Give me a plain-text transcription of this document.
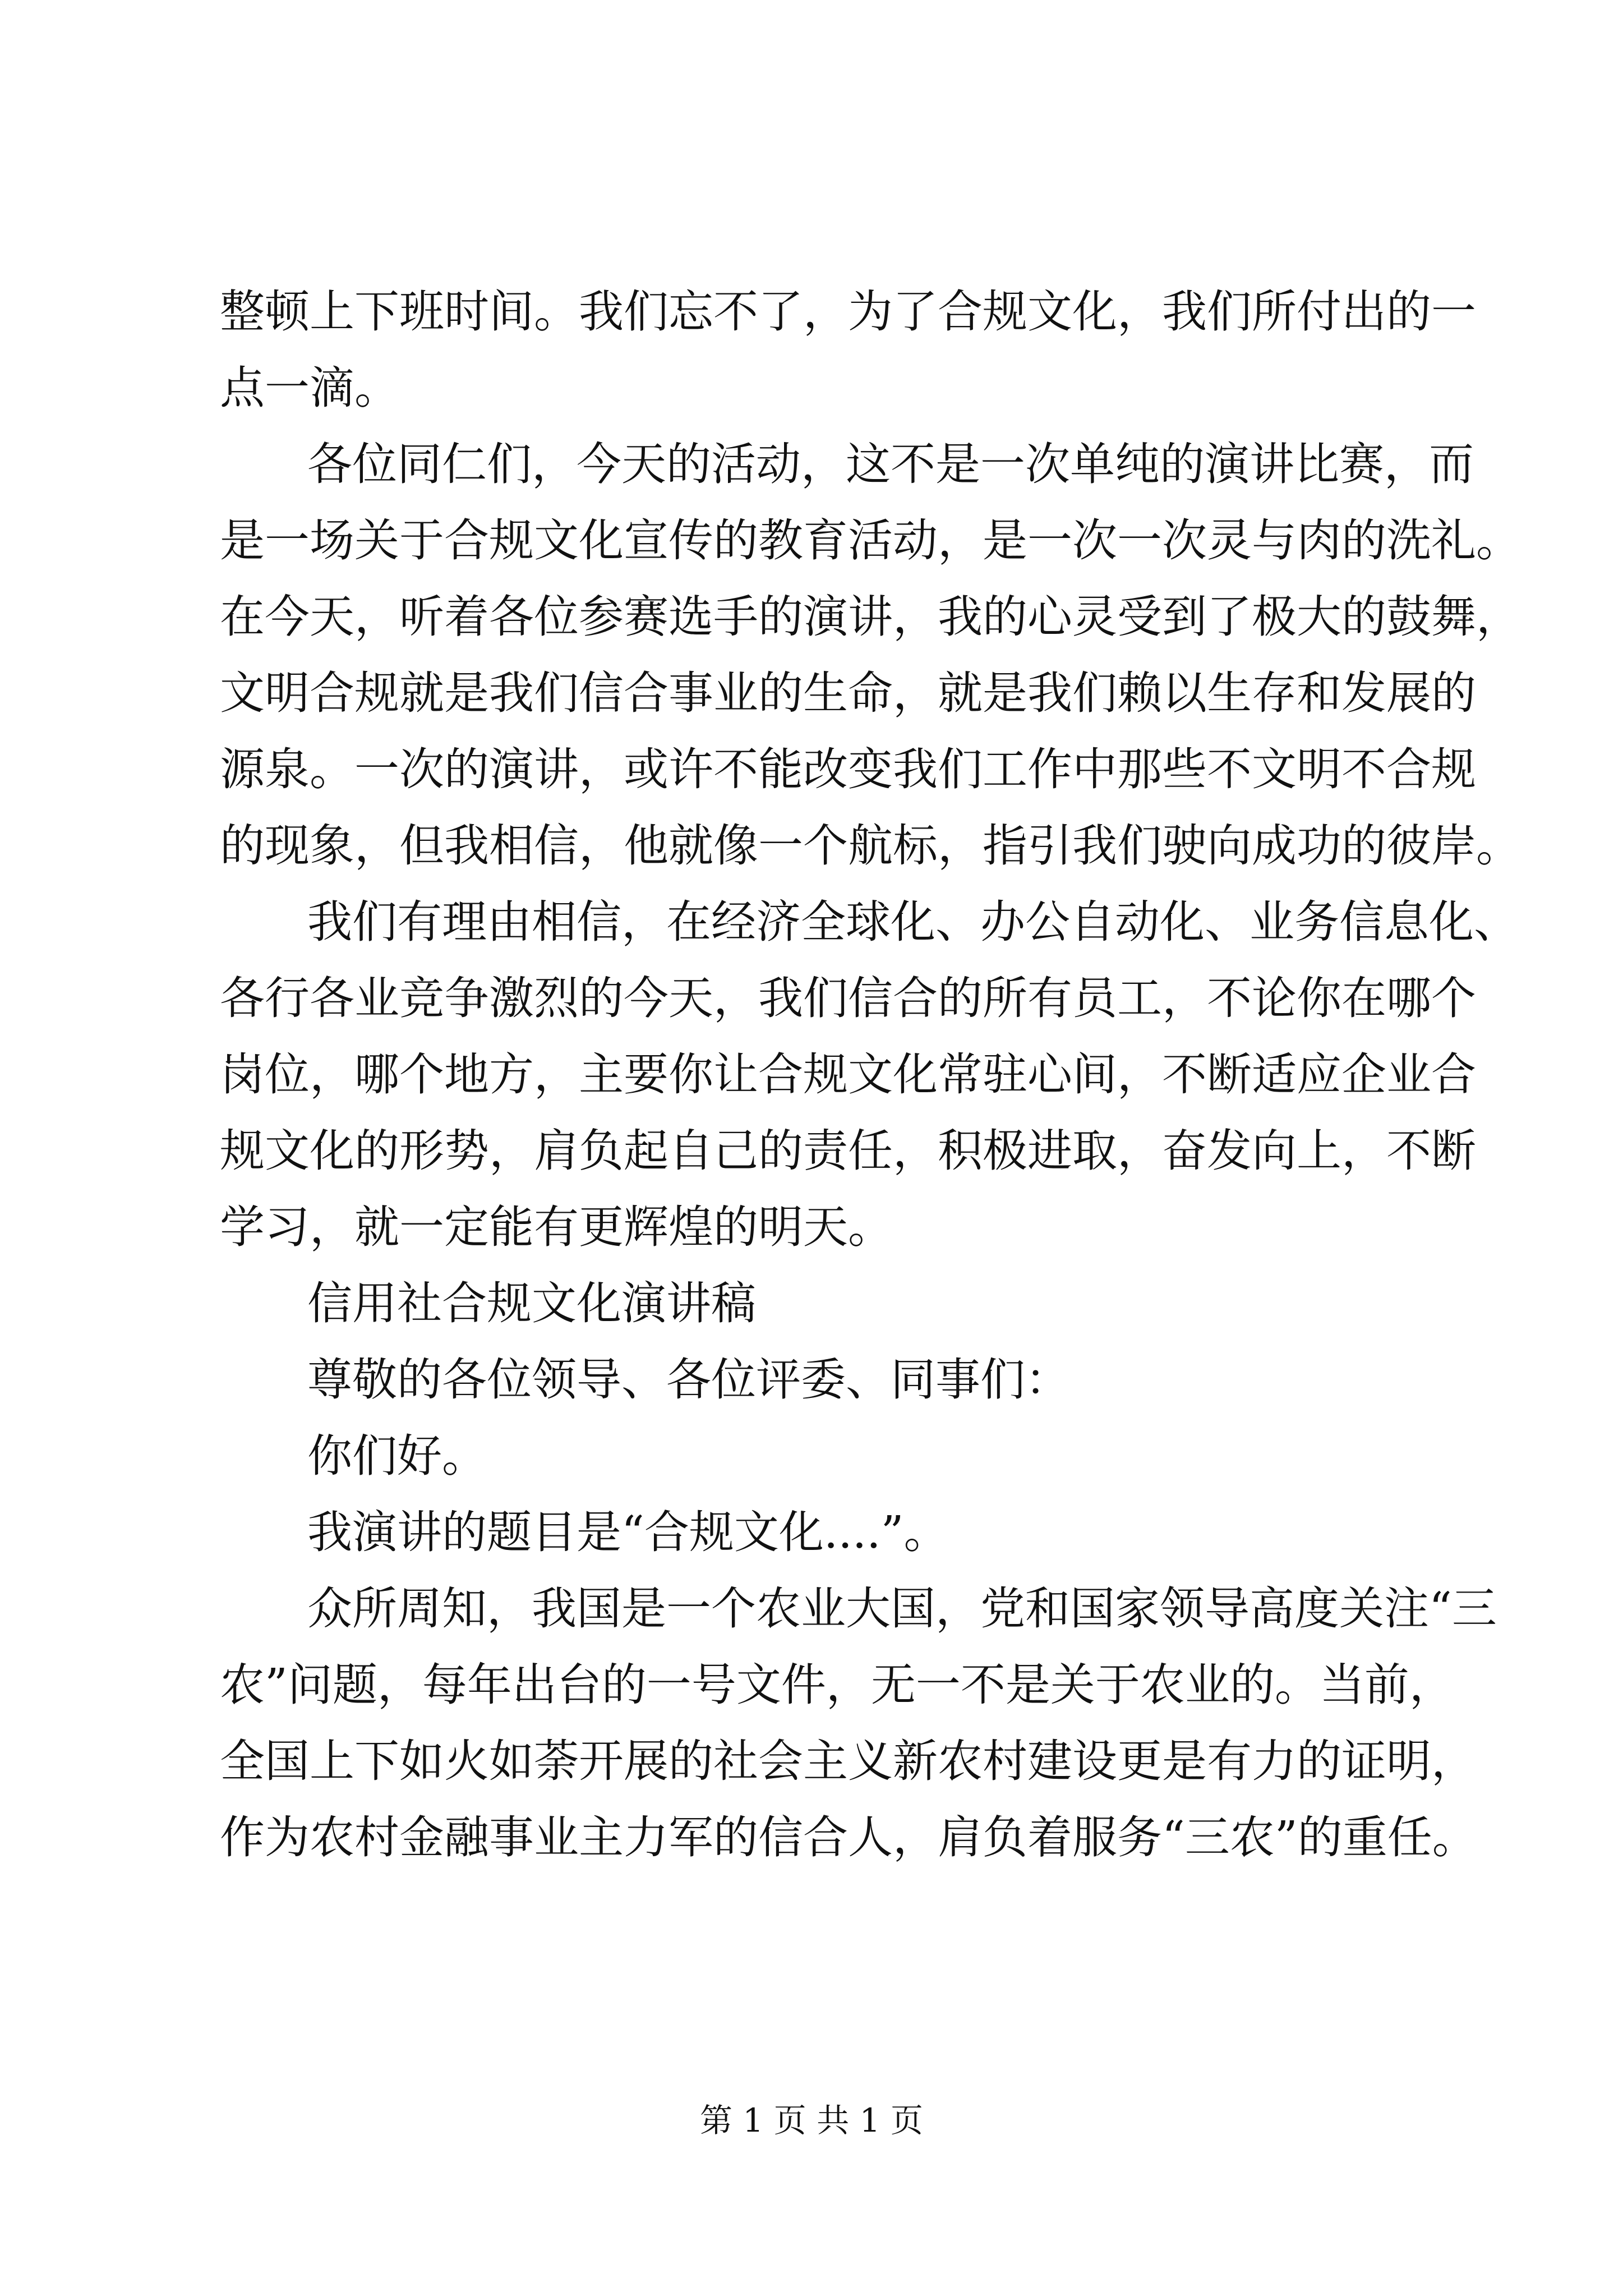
整顿上下班时间。我们忘不了，为了合规文化，我们所付出的一
点一滴。
各位同仁们，今天的活动，这不是一次单纯的演讲比赛，而
是一场关于合规文化宣传的教育活动，是一次一次灵与肉的洗礼。
在今天，听着各位参赛选手的演讲，我的心灵受到了极大的鼓舞，
文明合规就是我们信合事业的生命，就是我们赖以生存和发展的
源泉。一次的演讲，或许不能改变我们工作中那些不文明不合规
的现象，但我相信，他就像一个航标，指引我们驶向成功的彼岸。
我们有理由相信，在经济全球化、办公自动化、业务信息化、
各行各业竞争激烈的今天，我们信合的所有员工，不论你在哪个
岗位，哪个地方，主要你让合规文化常驻心间，不断适应企业合
规文化的形势，肩负起自己的责任，积极进取，奋发向上，不断
学习，就一定能有更辉煌的明天。
信用社合规文化演讲稿
尊敬的各位领导、各位评委、同事们：
你们好。
我演讲的题目是“合规文化....”。
众所周知，我国是一个农业大国，党和国家领导高度关注“三
农”问题，每年出台的一号文件，无一不是关于农业的。当前，
全国上下如火如荼开展的社会主义新农村建设更是有力的证明，
作为农村金融事业主力军的信合人，肩负着服务“三农”的重任。
第 1 页 共 1 页
